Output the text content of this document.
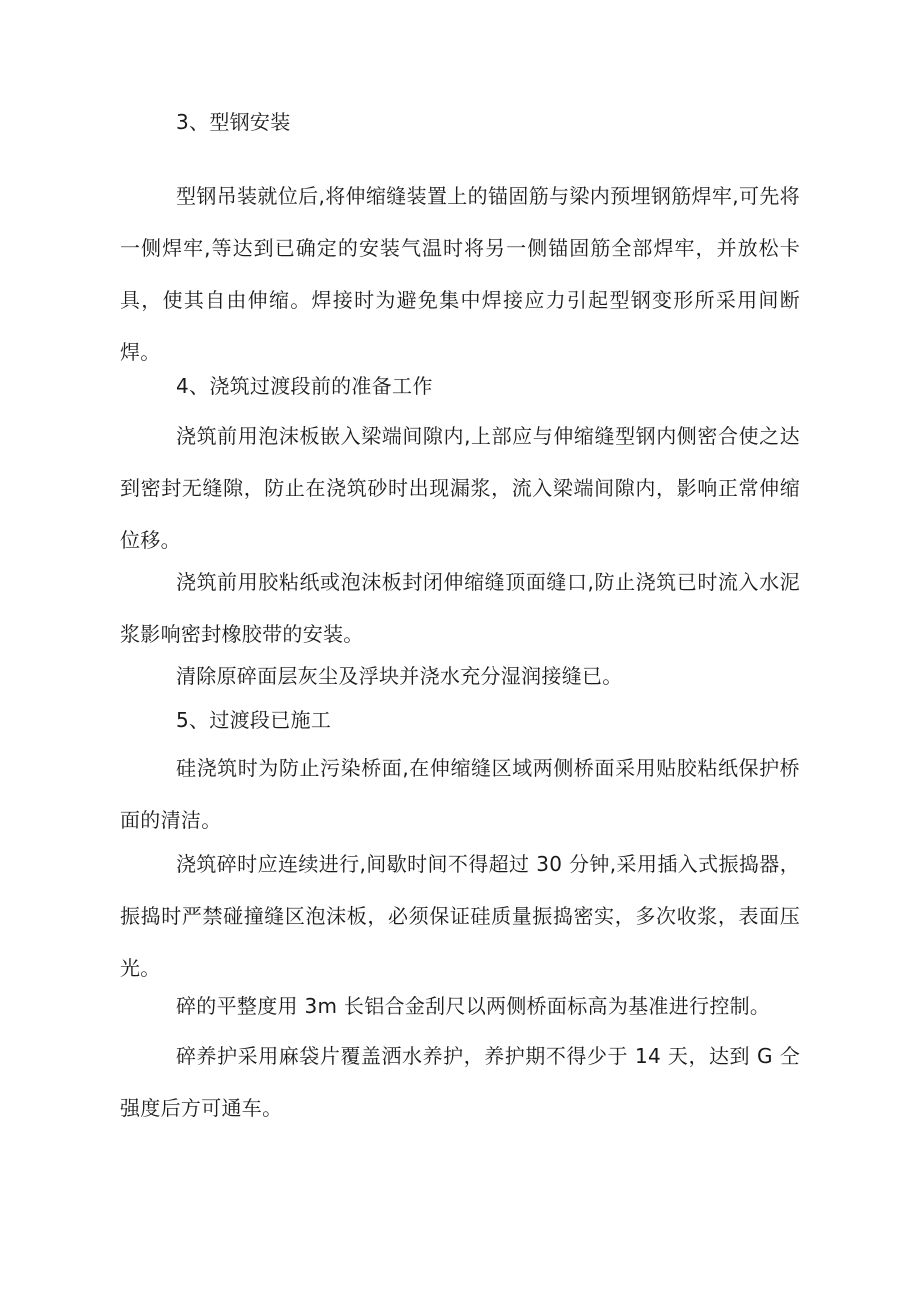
3、型钢安装

型钢吊装就位后,将伸缩缝装置上的锚固筋与梁内预埋钢筋焊牢,可先将一侧焊牢,等达到已确定的安装气温时将另一侧锚固筋全部焊牢，并放松卡具，使其自由伸缩。焊接时为避免集中焊接应力引起型钢变形所采用间断焊。

4、浇筑过渡段前的准备工作

浇筑前用泡沫板嵌入梁端间隙内,上部应与伸缩缝型钢内侧密合使之达到密封无缝隙，防止在浇筑砂时出现漏浆，流入梁端间隙内，影响正常伸缩位移。

浇筑前用胶粘纸或泡沫板封闭伸缩缝顶面缝口,防止浇筑已时流入水泥浆影响密封橡胶带的安装。

清除原碎面层灰尘及浮块并浇水充分湿润接缝已。

5、过渡段已施工

硅浇筑时为防止污染桥面,在伸缩缝区域两侧桥面采用贴胶粘纸保护桥面的清洁。

浇筑碎时应连续进行,间歇时间不得超过 30 分钟,采用插入式振捣器，振捣时严禁碰撞缝区泡沫板，必须保证硅质量振捣密实，多次收浆，表面压光。

碎的平整度用 3m 长铝合金刮尺以两侧桥面标高为基准进行控制。

碎养护采用麻袋片覆盖洒水养护，养护期不得少于 14 天，达到 G 仝强度后方可通车。
